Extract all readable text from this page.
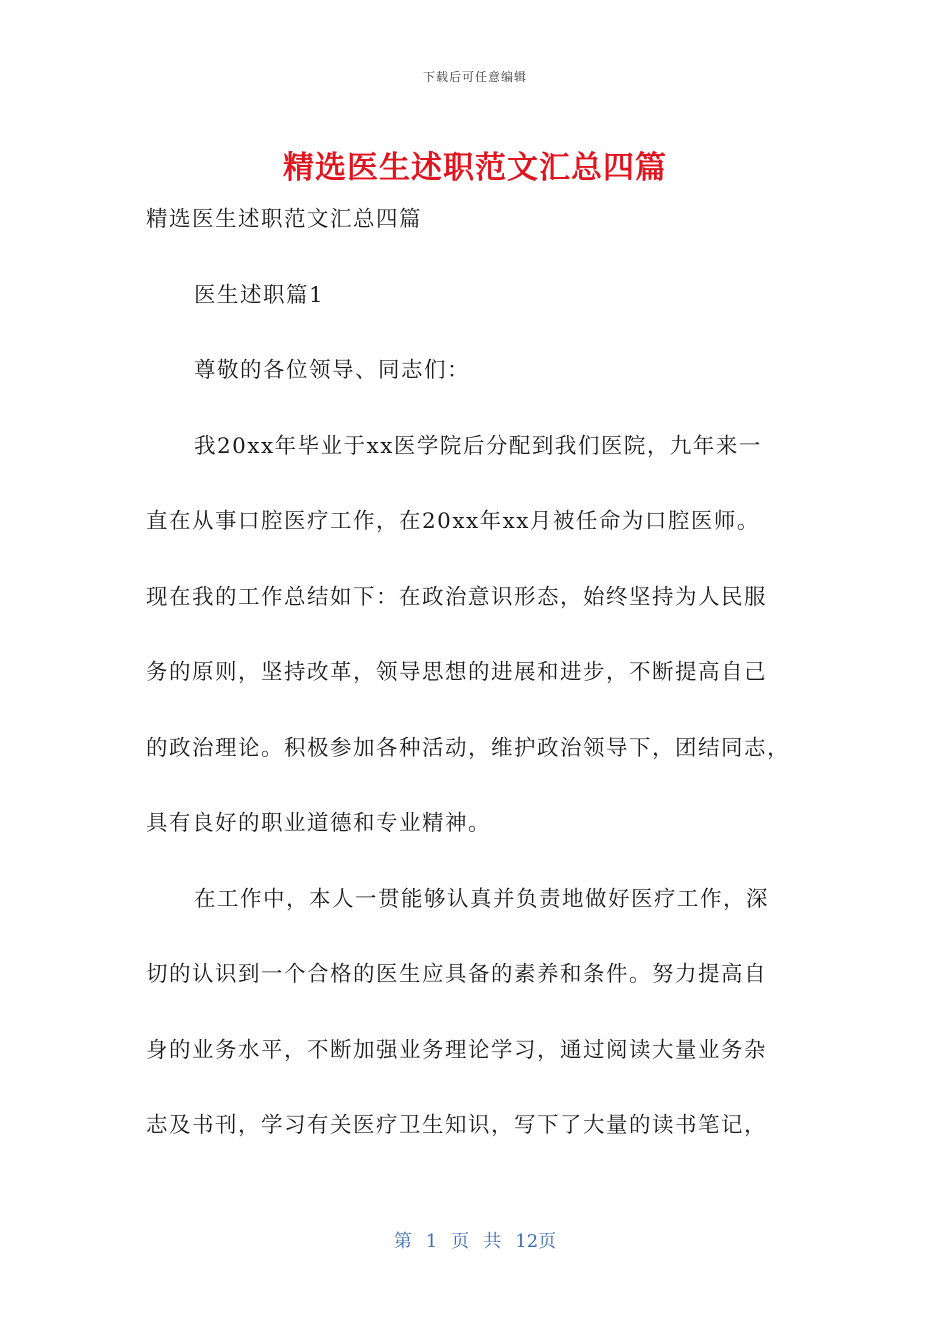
下载后可任意编辑
精选医生述职范文汇总四篇
精选医生述职范文汇总四篇
医生述职篇1
尊敬的各位领导、同志们：
我20xx年毕业于xx医学院后分配到我们医院，九年来一
直在从事口腔医疗工作，在20xx年xx月被任命为口腔医师。
现在我的工作总结如下：在政治意识形态，始终坚持为人民服
务的原则，坚持改革，领导思想的进展和进步，不断提高自己
的政治理论。积极参加各种活动，维护政治领导下，团结同志，
具有良好的职业道德和专业精神。
在工作中，本人一贯能够认真并负责地做好医疗工作，深
切的认识到一个合格的医生应具备的素养和条件。努力提高自
身的业务水平，不断加强业务理论学习，通过阅读大量业务杂
志及书刊，学习有关医疗卫生知识，写下了大量的读书笔记，
第 1 页 共 12页
